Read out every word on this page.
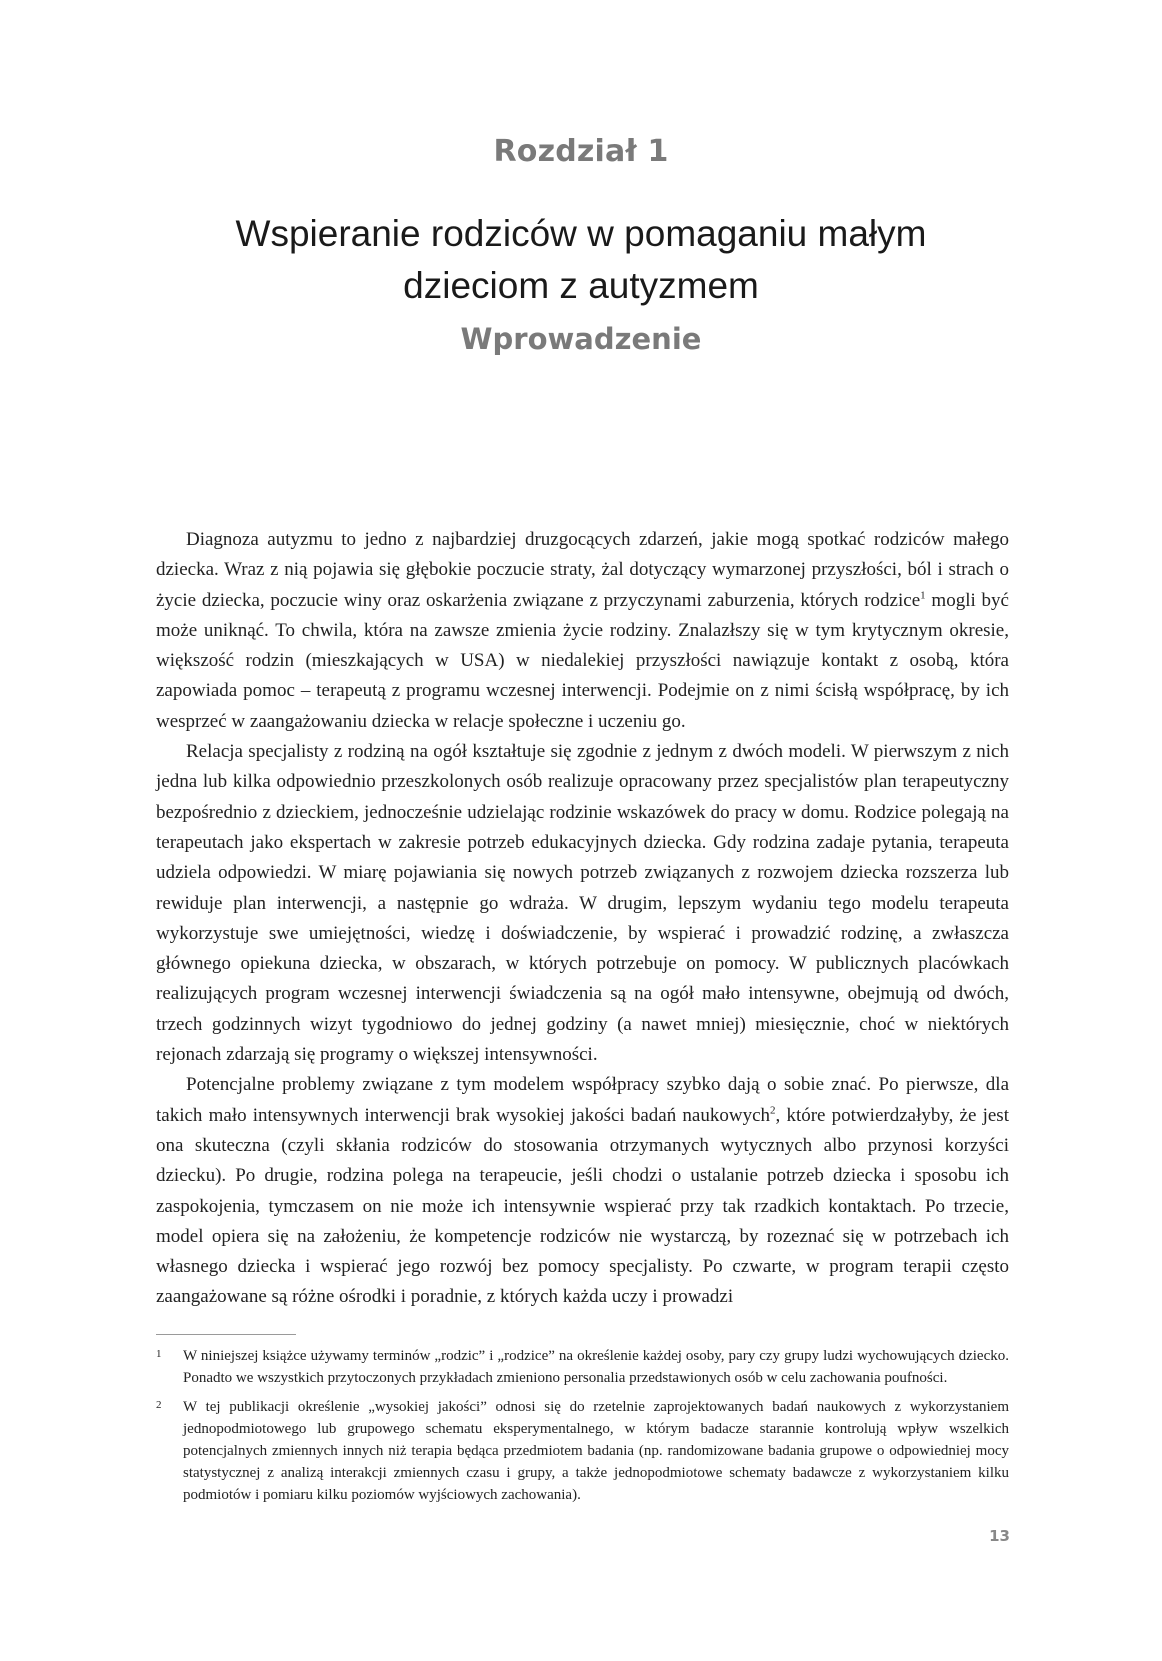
Rozdział 1
Wspieranie rodziców w pomaganiu małym
dzieciom z autyzmem
Wprowadzenie

Diagnoza autyzmu to jedno z najbardziej druzgocących zdarzeń, jakie mogą spotkać rodziców małego dziecka. Wraz z nią pojawia się głębokie poczucie straty, żal dotyczący wymarzonej przyszłości, ból i strach o życie dziecka, poczucie winy oraz oskarżenia związane z przyczynami zaburzenia, których rodzice$^1$ mogli być może uniknąć. To chwila, która na zawsze zmienia życie rodziny. Znalazłszy się w tym krytycznym okresie, większość rodzin (mieszkających w USA) w niedalekiej przyszłości nawiązuje kontakt z osobą, która zapowiada pomoc – terapeutą z programu wczesnej interwencji. Podejmie on z nimi ścisłą współpracę, by ich wesprzeć w zaangażowaniu dziecka w relacje społeczne i uczeniu go.

Relacja specjalisty z rodziną na ogół kształtuje się zgodnie z jednym z dwóch modeli. W pierwszym z nich jedna lub kilka odpowiednio przeszkolonych osób realizuje opracowany przez specjalistów plan terapeutyczny bezpośrednio z dzieckiem, jednocześnie udzielając rodzinie wskazówek do pracy w domu. Rodzice polegają na terapeutach jako ekspertach w zakresie potrzeb edukacyjnych dziecka. Gdy rodzina zadaje pytania, terapeuta udziela odpowiedzi. W miarę pojawiania się nowych potrzeb związanych z rozwojem dziecka rozszerza lub rewiduje plan interwencji, a następnie go wdraża. W drugim, lepszym wydaniu tego modelu terapeuta wykorzystuje swe umiejętności, wiedzę i doświadczenie, by wspierać i prowadzić rodzinę, a zwłaszcza głównego opiekuna dziecka, w obszarach, w których potrzebuje on pomocy. W publicznych placówkach realizujących program wczesnej interwencji świadczenia są na ogół mało intensywne, obejmują od dwóch, trzech godzinnych wizyt tygodniowo do jednej godziny (a nawet mniej) miesięcznie, choć w niektórych rejonach zdarzają się programy o większej intensywności.

Potencjalne problemy związane z tym modelem współpracy szybko dają o sobie znać. Po pierwsze, dla takich mało intensywnych interwencji brak wysokiej jakości badań naukowych$^2$, które potwierdzałyby, że jest ona skuteczna (czyli skłania rodziców do stosowania otrzymanych wytycznych albo przynosi korzyści dziecku). Po drugie, rodzina polega na terapeucie, jeśli chodzi o ustalanie potrzeb dziecka i sposobu ich zaspokojenia, tymczasem on nie może ich intensywnie wspierać przy tak rzadkich kontaktach. Po trzecie, model opiera się na założeniu, że kompetencje rodziców nie wystarczą, by rozeznać się w potrzebach ich własnego dziecka i wspierać jego rozwój bez pomocy specjalisty. Po czwarte, w program terapii często zaangażowane są różne ośrodki i poradnie, z których każda uczy i prowadzi

1 W niniejszej książce używamy terminów „rodzic” i „rodzice” na określenie każdej osoby, pary czy grupy ludzi wychowujących dziecko. Ponadto we wszystkich przytoczonych przykładach zmieniono personalia przedstawionych osób w celu zachowania poufności.
2 W tej publikacji określenie „wysokiej jakości” odnosi się do rzetelnie zaprojektowanych badań naukowych z wykorzystaniem jednopodmiotowego lub grupowego schematu eksperymentalnego, w którym badacze starannie kontrolują wpływ wszelkich potencjalnych zmiennych innych niż terapia będąca przedmiotem badania (np. randomizowane badania grupowe o odpowiedniej mocy statystycznej z analizą interakcji zmiennych czasu i grupy, a także jednopodmiotowe schematy badawcze z wykorzystaniem kilku podmiotów i pomiaru kilku poziomów wyjściowych zachowania).
13
